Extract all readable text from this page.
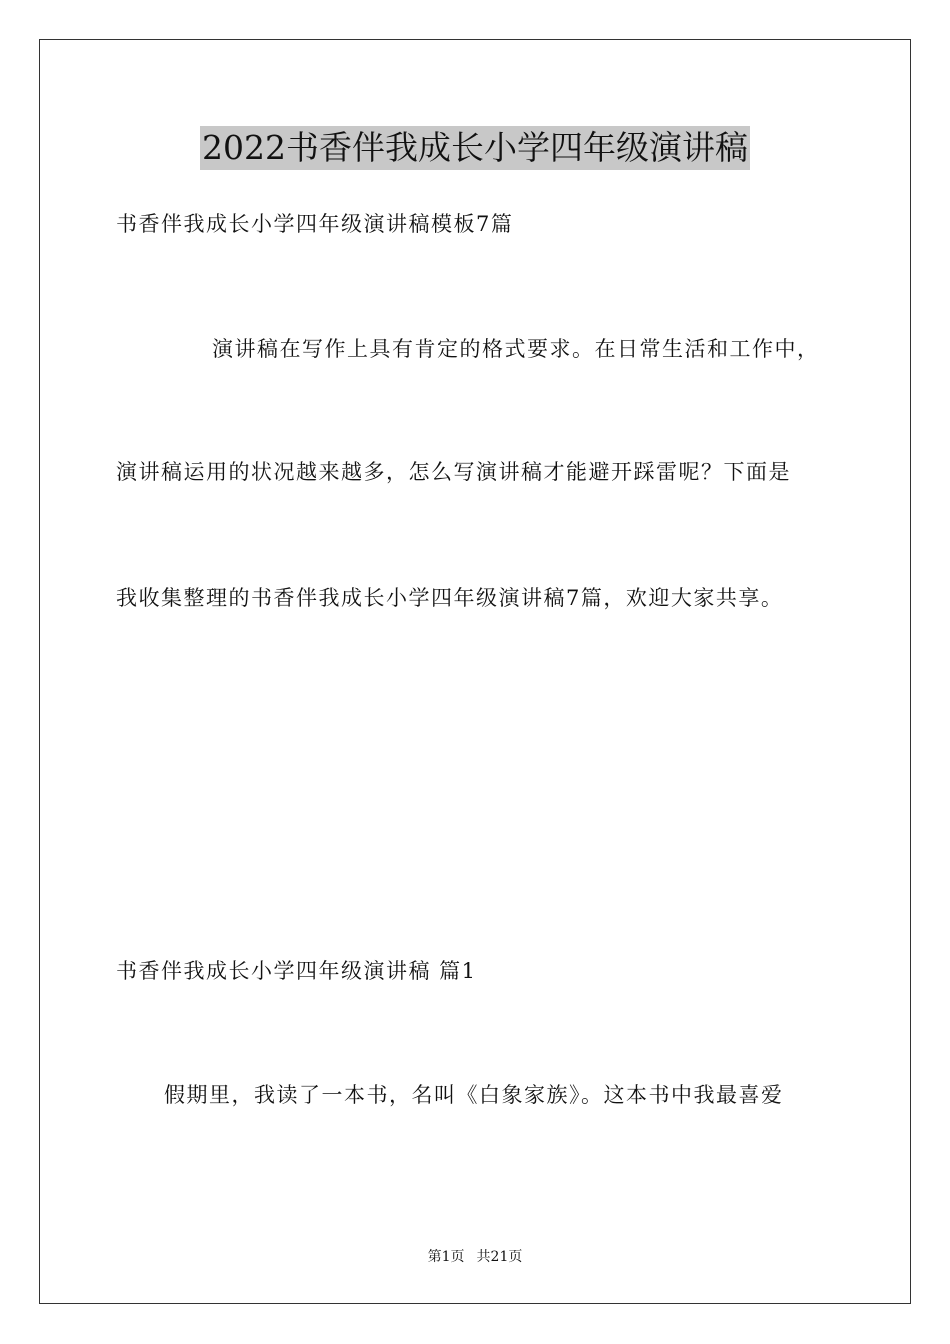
2022书香伴我成长小学四年级演讲稿
书香伴我成长小学四年级演讲稿模板7篇
演讲稿在写作上具有肯定的格式要求。在日常生活和工作中，
演讲稿运用的状况越来越多，怎么写演讲稿才能避开踩雷呢？下面是
我收集整理的书香伴我成长小学四年级演讲稿7篇，欢迎大家共享。
书香伴我成长小学四年级演讲稿 篇1
假期里，我读了一本书，名叫《白象家族》。这本书中我最喜爱
第1页 共21页
